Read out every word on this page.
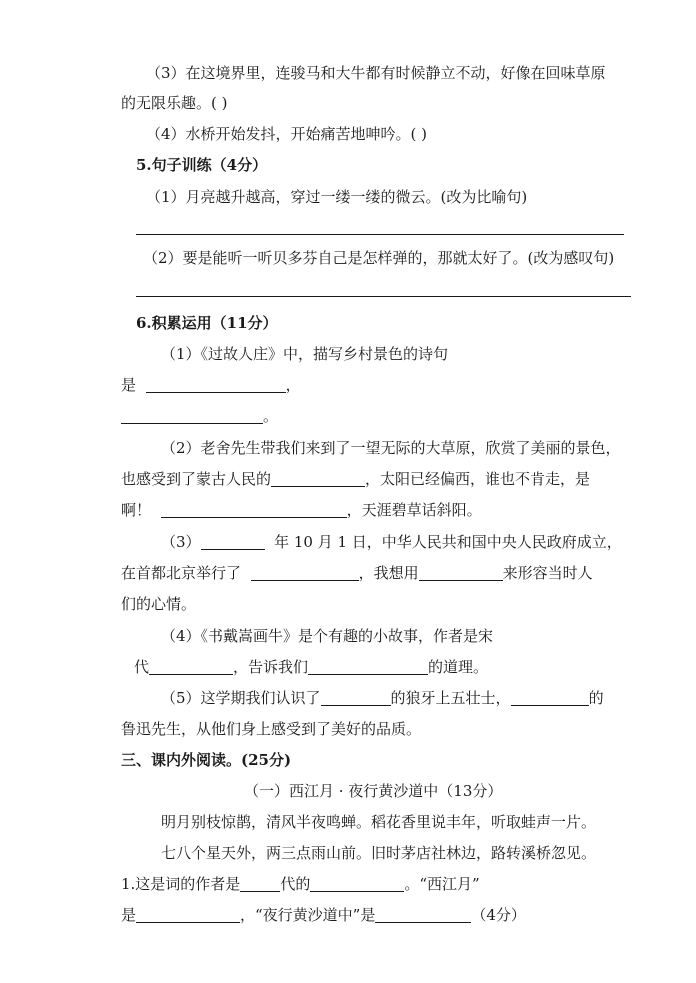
（3）在这境界里，连骏马和大牛都有时候静立不动，好像在回味草原
的无限乐趣。( )
（4）水桥开始发抖，开始痛苦地呻吟。( )
5.句子训练（4分）
（1）月亮越升越高，穿过一缕一缕的微云。(改为比喻句)
（2）要是能听一听贝多芬自己是怎样弹的，那就太好了。(改为感叹句)
6.积累运用（11分）
（1）《过故人庄》中，描写乡村景色的诗句
是	，
。
（2）老舍先生带我们来到了一望无际的大草原，欣赏了美丽的景色，
也感受到了蒙古人民的	，太阳已经偏西，谁也不肯走，是
啊！	，天涯碧草话斜阳。
（3）	年 10 月 1 日，中华人民共和国中央人民政府成立，
在首都北京举行了	，我想用	来形容当时人
们的心情。
（4）《书戴嵩画牛》是个有趣的小故事，作者是宋
代	，告诉我们	的道理。
（5）这学期我们认识了	的狼牙上五壮士，	的
鲁迅先生，从他们身上感受到了美好的品质。
三、课内外阅读。(25分)
（一）西江月 · 夜行黄沙道中（13分）
明月别枝惊鹊，清风半夜鸣蝉。稻花香里说丰年，听取蛙声一片。
七八个星天外，两三点雨山前。旧时茅店社林边，路转溪桥忽见。
1.这是词的作者是	代的	。“西江月”
是	，“夜行黄沙道中”是	（4分）
